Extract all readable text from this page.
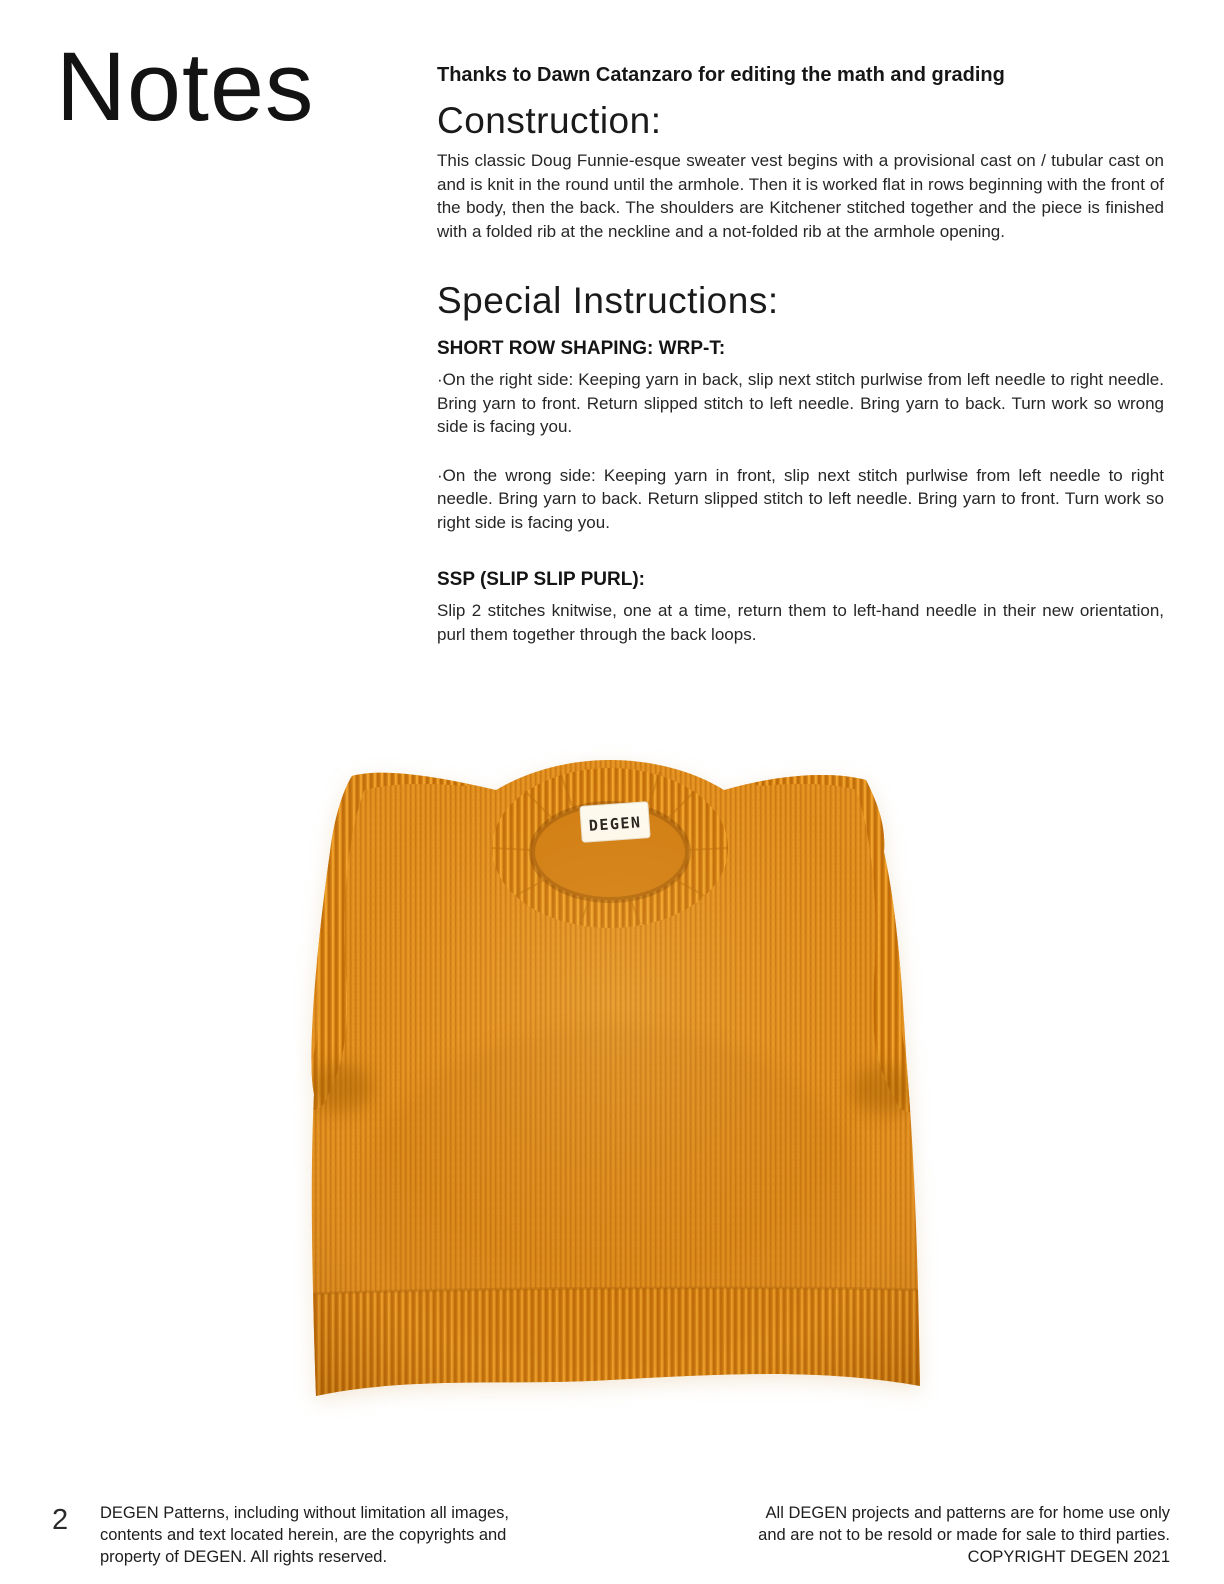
Notes	Thanks to Dawn Catanzaro for editing the math and grading

Construction:

This classic Doug Funnie-esque sweater vest begins with a provisional cast on / tubular cast on and is knit in the round until the armhole. Then it is worked flat in rows beginning with the front of the body, then the back. The shoulders are Kitchener stitched together and the piece is finished with a folded rib at the neckline and a not-folded rib at the armhole opening.

Special Instructions:
SHORT ROW SHAPING: WRP-T:

·On the right side: Keeping yarn in back, slip next stitch purlwise from left needle to right needle. Bring yarn to front. Return slipped stitch to left needle. Bring yarn to back. Turn work so wrong side is facing you.

·On the wrong side: Keeping yarn in front, slip next stitch purlwise from left needle to right needle. Bring yarn to back. Return slipped stitch to left needle. Bring yarn to front. Turn work so right side is facing you.

SSP (SLIP SLIP PURL):

Slip 2 stitches knitwise, one at a time, return them to left-hand needle in their new orientation, purl them together through the back loops.

2 DEGEN Patterns, including without limitation all images,
contents and text located herein, are the copyrights and
property of DEGEN. All rights reserved.
All DEGEN projects and patterns are for home use only
and are not to be resold or made for sale to third parties.
COPYRIGHT DEGEN 2021
